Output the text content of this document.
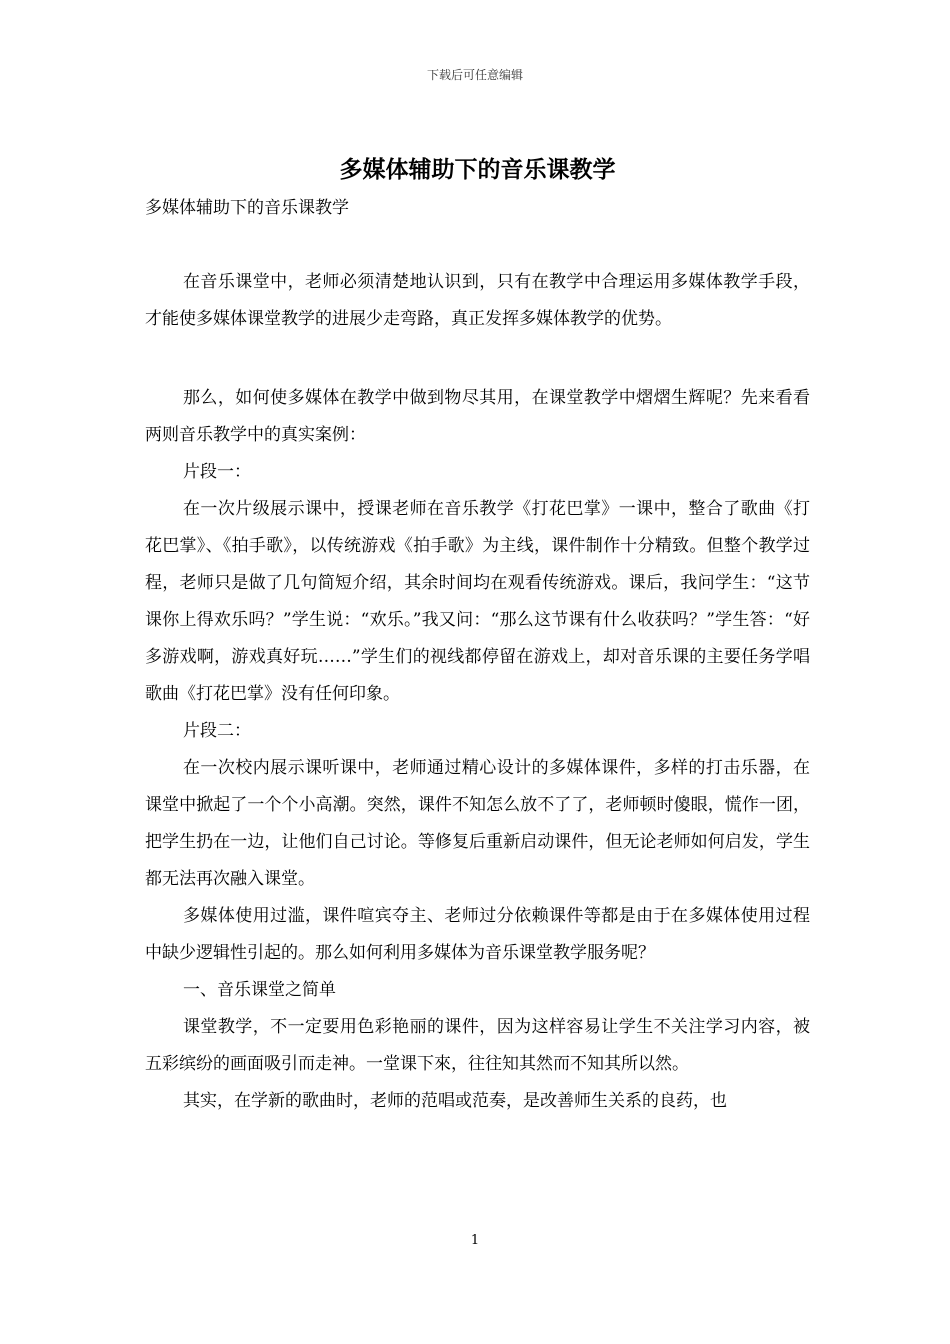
下载后可任意编辑
多媒体辅助下的音乐课教学

多媒体辅助下的音乐课教学

在音乐课堂中，老师必须清楚地认识到，只有在教学中合理运用多媒体教学手段，才能使多媒体课堂教学的进展少走弯路，真正发挥多媒体教学的优势。

那么，如何使多媒体在教学中做到物尽其用，在课堂教学中熠熠生辉呢？先来看看两则音乐教学中的真实案例：

片段一：

在一次片级展示课中，授课老师在音乐教学《打花巴掌》一课中，整合了歌曲《打花巴掌》、《拍手歌》，以传统游戏《拍手歌》为主线，课件制作十分精致。但整个教学过程，老师只是做了几句简短介绍，其余时间均在观看传统游戏。课后，我问学生：“这节课你上得欢乐吗？”学生说：“欢乐。”我又问：“那么这节课有什么收获吗？”学生答：“好多游戏啊，游戏真好玩……”学生们的视线都停留在游戏上，却对音乐课的主要任务学唱歌曲《打花巴掌》没有任何印象。

片段二：

在一次校内展示课听课中，老师通过精心设计的多媒体课件，多样的打击乐器，在课堂中掀起了一个个小高潮。突然，课件不知怎么放不了了，老师顿时傻眼，慌作一团，把学生扔在一边，让他们自己讨论。等修复后重新启动课件，但无论老师如何启发，学生都无法再次融入课堂。

多媒体使用过滥，课件喧宾夺主、老师过分依赖课件等都是由于在多媒体使用过程中缺少逻辑性引起的。那么如何利用多媒体为音乐课堂教学服务呢？

一、音乐课堂之简单

课堂教学，不一定要用色彩艳丽的课件，因为这样容易让学生不关注学习内容，被五彩缤纷的画面吸引而走神。一堂课下來，往往知其然而不知其所以然。

其实，在学新的歌曲时，老师的范唱或范奏，是改善师生关系的良药，也

1
